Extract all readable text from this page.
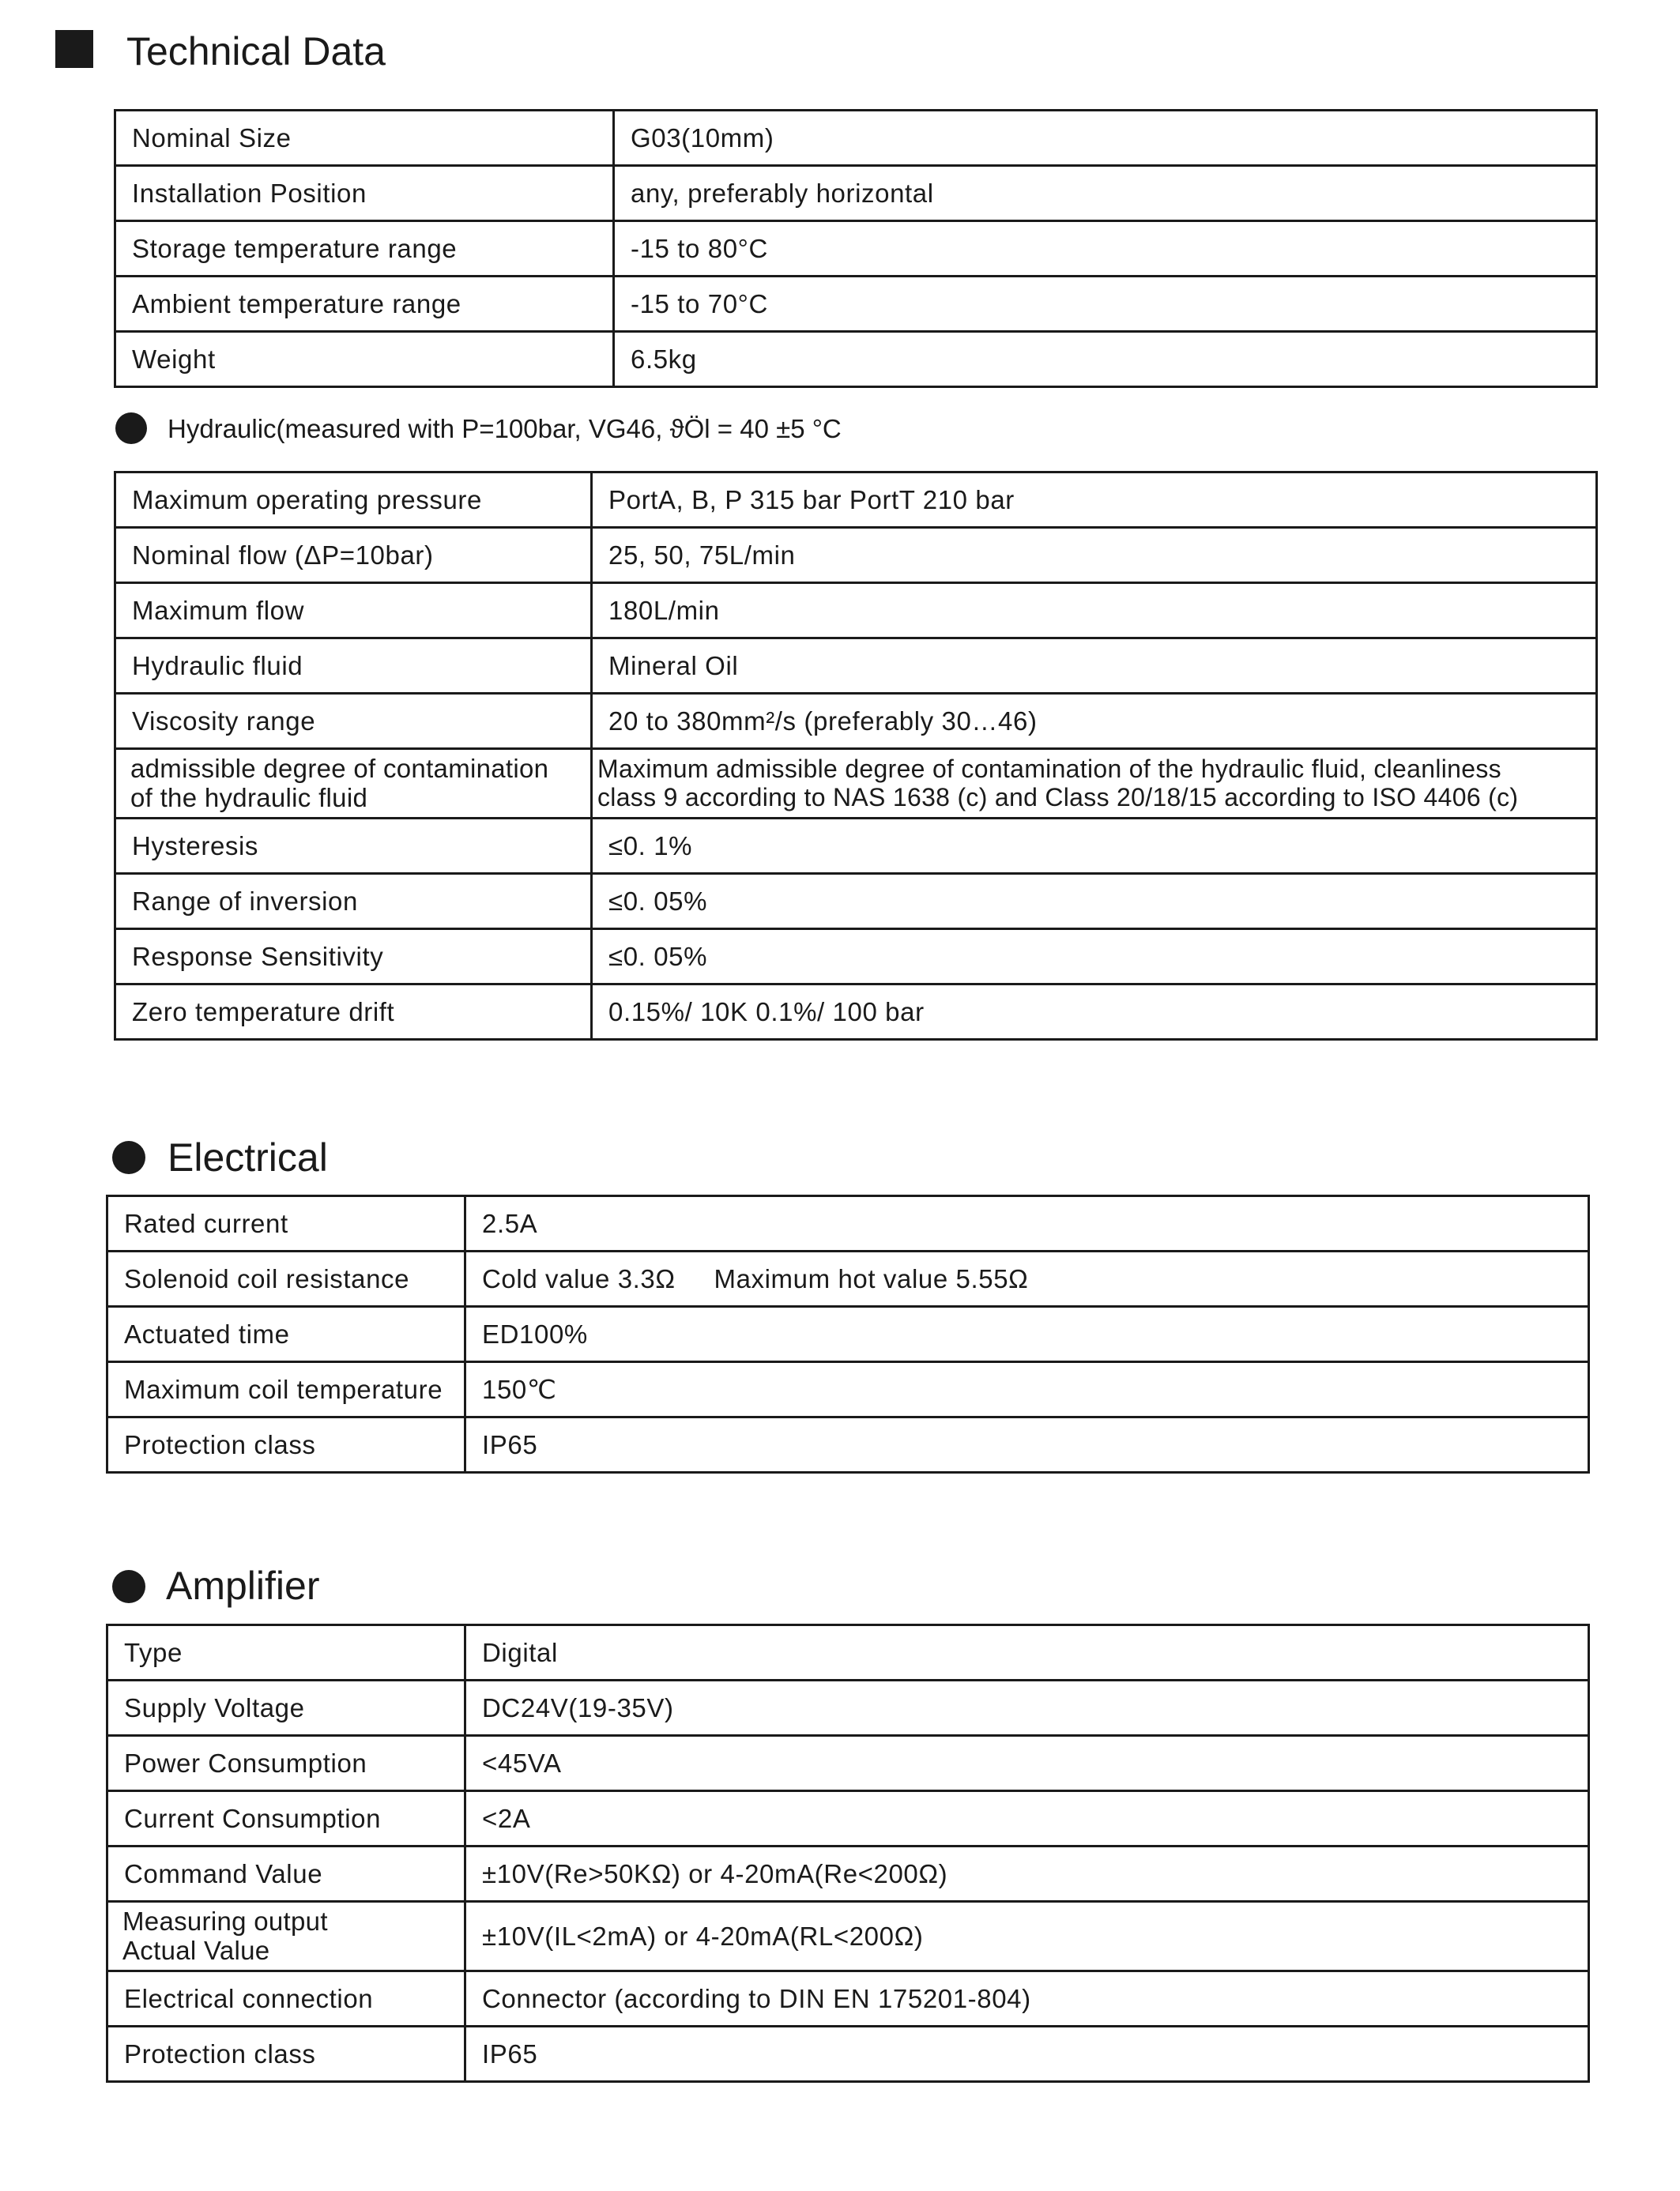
Technical Data
Nominal Size	G03(10mm)
Installation Position	any, preferably horizontal
Storage temperature range	-15 to 80°C
Ambient temperature range	-15 to 70°C
Weight	6.5kg
Hydraulic(measured with P=100bar, VG46, ϑÖl = 40 ±5 °C
Maximum operating pressure	PortA, B, P 315 bar PortT 210 bar
Nominal flow (ΔP=10bar)	25, 50, 75L/min
Maximum flow	180L/min
Hydraulic fluid	Mineral Oil
Viscosity range	20 to 380mm²/s (preferably 30…46)

admissible degree of contamination
of the hydraulic fluid	Maximum admissible degree of contamination of the hydraulic fluid, cleanliness
class 9 according to NAS 1638 (c) and Class 20/18/15 according to ISO 4406 (c)

Hysteresis	≤0. 1%
Range of inversion	≤0. 05%
Response Sensitivity	≤0. 05%
Zero temperature drift	0.15%/ 10K 0.1%/ 100 bar
Electrical
Rated current	2.5A
Solenoid coil resistance	Cold value 3.3Ω     Maximum hot value 5.55Ω
Actuated time	ED100%
Maximum coil temperature	150℃
Protection class	IP65
Amplifier
Type	Digital
Supply Voltage	DC24V(19-35V)
Power Consumption	<45VA
Current Consumption	<2A
Command Value	±10V(Re>50KΩ) or 4-20mA(Re<200Ω)

Measuring output
Actual Value	±10V(IL<2mA) or 4-20mA(RL<200Ω)
Electrical connection	Connector (according to DIN EN 175201-804)
Protection class	IP65
